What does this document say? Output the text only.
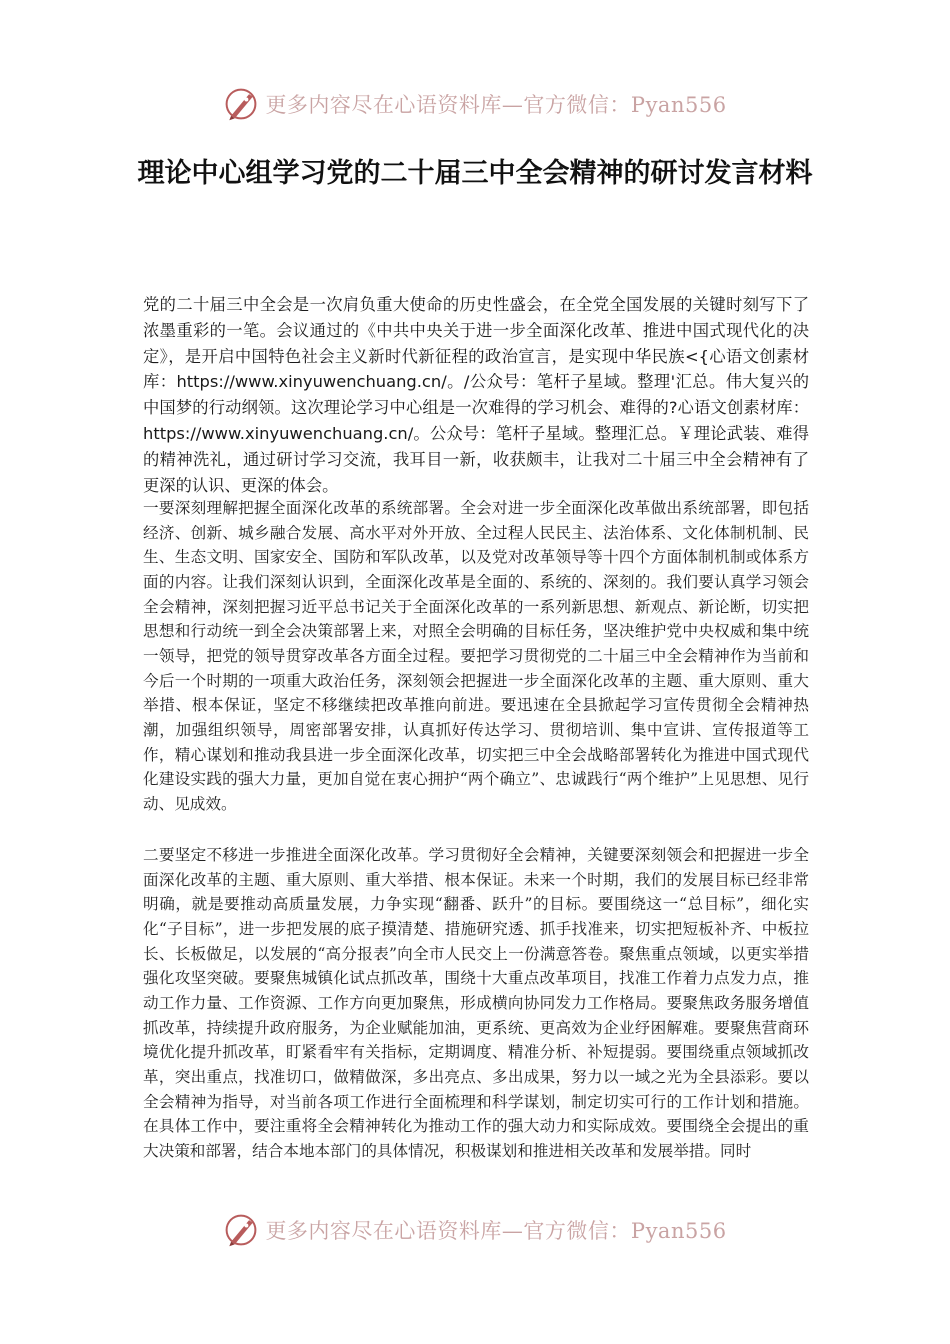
更多内容尽在心语资料库—官方微信：Pyan556
理论中心组学习党的二十届三中全会精神的研讨发言材料

党的二十届三中全会是一次肩负重大使命的历史性盛会，在全党全国发展的关键时刻写下了浓墨重彩的一笔。会议通过的《中共中央关于进一步全面深化改革、推进中国式现代化的决定》，是开启中国特色社会主义新时代新征程的政治宣言，是实现中华民族<{心语文创素材库：https://www.xinyuwenchuang.cn/。/公众号：笔杆子星域。整理'汇总。伟大复兴的中国梦的行动纲领。这次理论学习中心组是一次难得的学习机会、难得的?心语文创素材库：https://www.xinyuwenchuang.cn/。公众号：笔杆子星域。整理汇总。￥理论武装、难得的精神洗礼，通过研讨学习交流，我耳目一新，收获颇丰，让我对二十届三中全会精神有了更深的认识、更深的体会。

一要深刻理解把握全面深化改革的系统部署。全会对进一步全面深化改革做出系统部署，即包括经济、创新、城乡融合发展、高水平对外开放、全过程人民民主、法治体系、文化体制机制、民生、生态文明、国家安全、国防和军队改革，以及党对改革领导等十四个方面体制机制或体系方面的内容。让我们深刻认识到，全面深化改革是全面的、系统的、深刻的。我们要认真学习领会全会精神，深刻把握习近平总书记关于全面深化改革的一系列新思想、新观点、新论断，切实把思想和行动统一到全会决策部署上来，对照全会明确的目标任务，坚决维护党中央权威和集中统一领导，把党的领导贯穿改革各方面全过程。要把学习贯彻党的二十届三中全会精神作为当前和今后一个时期的一项重大政治任务，深刻领会把握进一步全面深化改革的主题、重大原则、重大举措、根本保证，坚定不移继续把改革推向前进。要迅速在全县掀起学习宣传贯彻全会精神热潮，加强组织领导，周密部署安排，认真抓好传达学习、贯彻培训、集中宣讲、宣传报道等工作，精心谋划和推动我县进一步全面深化改革，切实把三中全会战略部署转化为推进中国式现代化建设实践的强大力量，更加自觉在衷心拥护“两个确立”、忠诚践行“两个维护”上见思想、见行动、见成效。

二要坚定不移进一步推进全面深化改革。学习贯彻好全会精神，关键要深刻领会和把握进一步全面深化改革的主题、重大原则、重大举措、根本保证。未来一个时期，我们的发展目标已经非常明确，就是要推动高质量发展，力争实现“翻番、跃升”的目标。要围绕这一“总目标”，细化实化“子目标”，进一步把发展的底子摸清楚、措施研究透、抓手找准来，切实把短板补齐、中板拉长、长板做足，以发展的“高分报表”向全市人民交上一份满意答卷。聚焦重点领域，以更实举措强化攻坚突破。要聚焦城镇化试点抓改革，围绕十大重点改革项目，找准工作着力点发力点，推动工作力量、工作资源、工作方向更加聚焦，形成横向协同发力工作格局。要聚焦政务服务增值抓改革，持续提升政府服务，为企业赋能加油，更系统、更高效为企业纾困解难。要聚焦营商环境优化提升抓改革，盯紧看牢有关指标，定期调度、精准分析、补短提弱。要围绕重点领域抓改革，突出重点，找准切口，做精做深，多出亮点、多出成果，努力以一域之光为全县添彩。要以全会精神为指导，对当前各项工作进行全面梳理和科学谋划，制定切实可行的工作计划和措施。在具体工作中，要注重将全会精神转化为推动工作的强大动力和实际成效。要围绕全会提出的重大决策和部署，结合本地本部门的具体情况，积极谋划和推进相关改革和发展举措。同时

更多内容尽在心语资料库—官方微信：Pyan556
